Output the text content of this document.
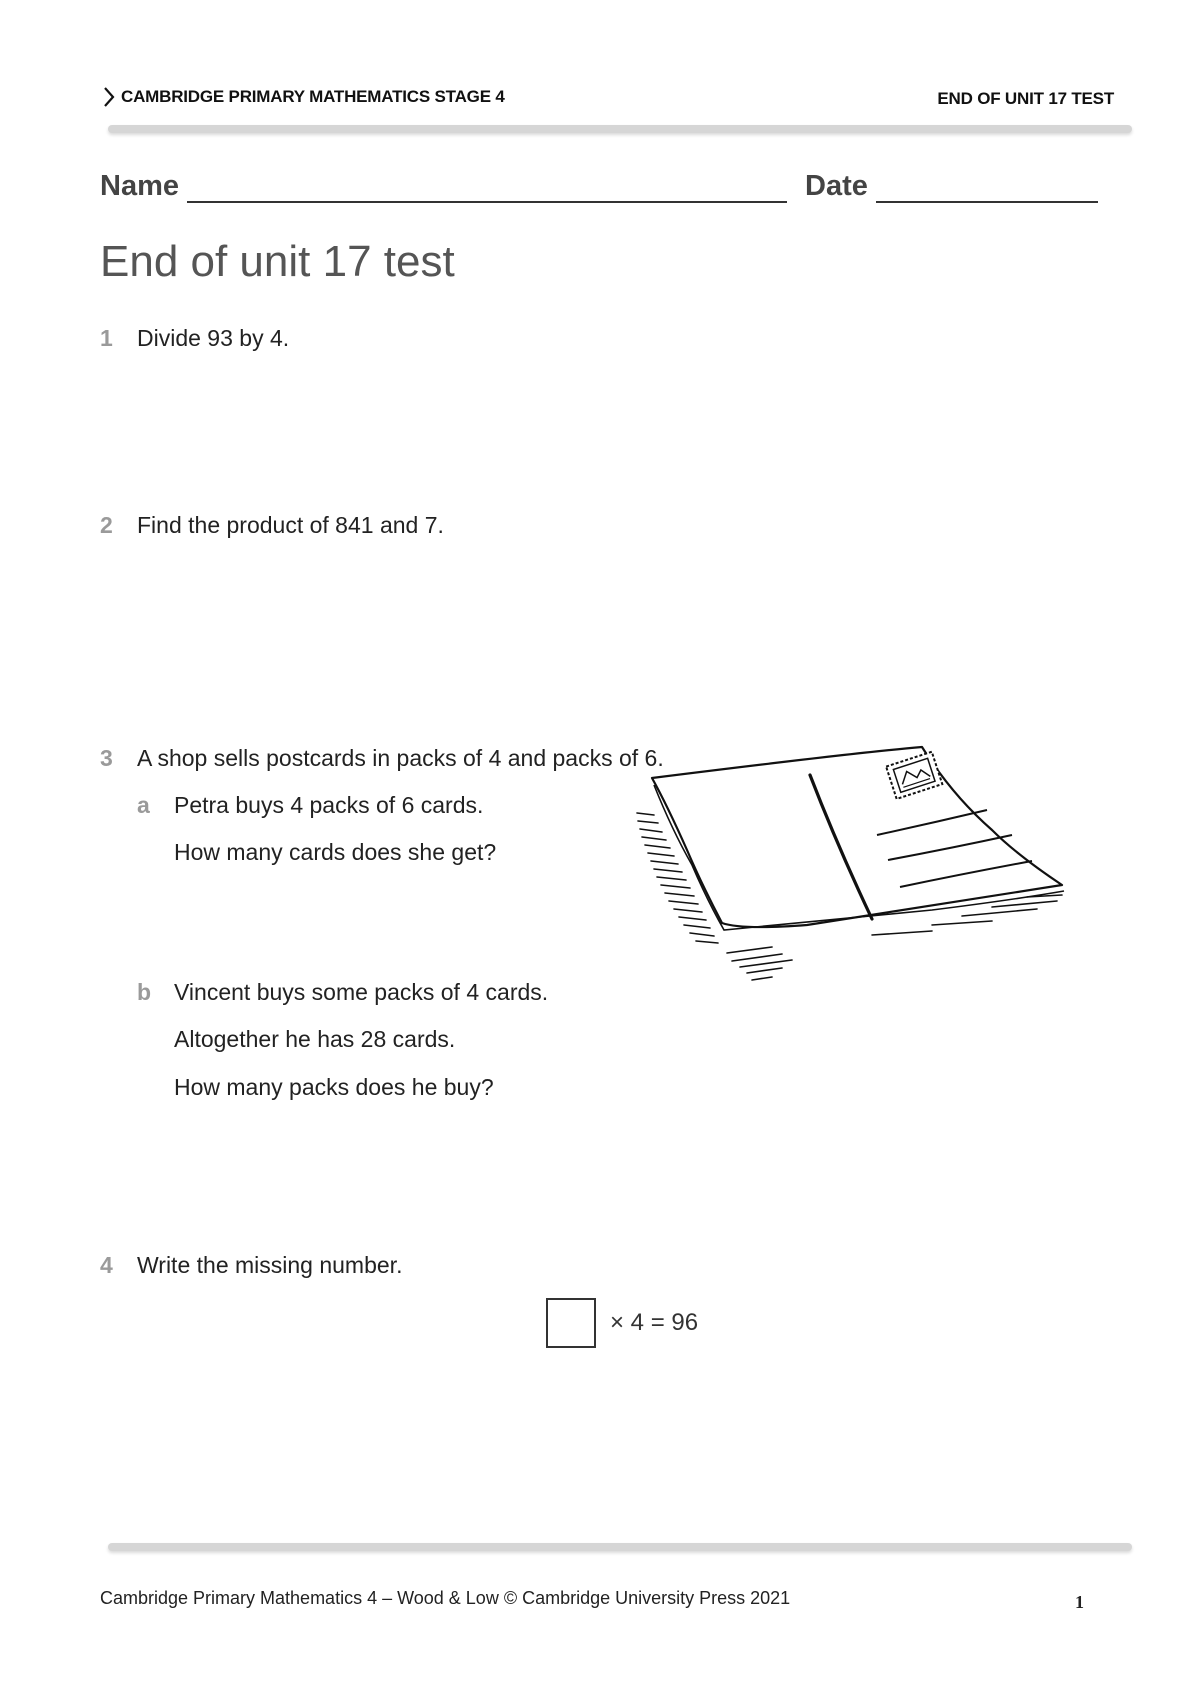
CAMBRIDGE PRIMARY MATHEMATICS STAGE 4	END OF UNIT 17 TEST
Name	Date
End of unit 17 test
1 Divide 93 by 4.
2 Find the product of 841 and 7.
3 A shop sells postcards in packs of 4 and packs of 6.
a Petra buys 4 packs of 6 cards.
How many cards does she get?
b Vincent buys some packs of 4 cards.
Altogether he has 28 cards.
How many packs does he buy?
4 Write the missing number.
× 4 = 96
Cambridge Primary Mathematics 4 – Wood & Low © Cambridge University Press 2021	1
